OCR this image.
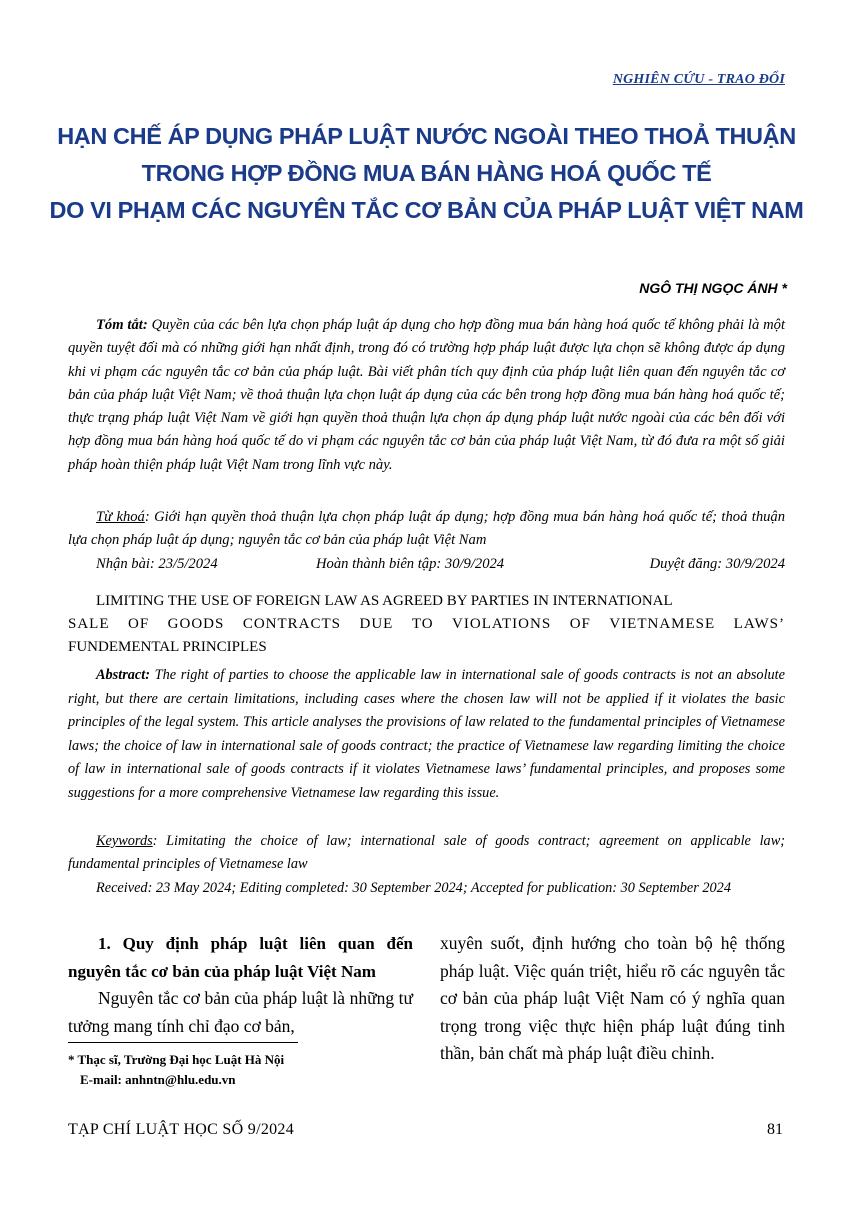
NGHIÊN CỨU - TRAO ĐỔI
HẠN CHẾ ÁP DỤNG PHÁP LUẬT NƯỚC NGOÀI THEO THOẢ THUẬN
TRONG HỢP ĐỒNG MUA BÁN HÀNG HOÁ QUỐC TẾ
DO VI PHẠM CÁC NGUYÊN TẮC CƠ BẢN CỦA PHÁP LUẬT VIỆT NAM
NGÔ THỊ NGỌC ÁNH *
Tóm tắt: Quyền của các bên lựa chọn pháp luật áp dụng cho hợp đồng mua bán hàng hoá quốc tế không phải là một quyền tuyệt đối mà có những giới hạn nhất định, trong đó có trường hợp pháp luật được lựa chọn sẽ không được áp dụng khi vi phạm các nguyên tắc cơ bản của pháp luật. Bài viết phân tích quy định của pháp luật liên quan đến nguyên tắc cơ bản của pháp luật Việt Nam; về thoả thuận lựa chọn luật áp dụng của các bên trong hợp đồng mua bán hàng hoá quốc tế; thực trạng pháp luật Việt Nam về giới hạn quyền thoả thuận lựa chọn áp dụng pháp luật nước ngoài của các bên đối với hợp đồng mua bán hàng hoá quốc tế do vi phạm các nguyên tắc cơ bản của pháp luật Việt Nam, từ đó đưa ra một số giải pháp hoàn thiện pháp luật Việt Nam trong lĩnh vực này.
Từ khoá: Giới hạn quyền thoả thuận lựa chọn pháp luật áp dụng; hợp đồng mua bán hàng hoá quốc tế; thoả thuận lựa chọn pháp luật áp dụng; nguyên tắc cơ bản của pháp luật Việt Nam
Nhận bài: 23/5/2024	Hoàn thành biên tập: 30/9/2024	Duyệt đăng: 30/9/2024
LIMITING THE USE OF FOREIGN LAW AS AGREED BY PARTIES IN INTERNATIONAL
SALE OF GOODS CONTRACTS DUE TO VIOLATIONS OF VIETNAMESE LAWS’
FUNDEMENTAL PRINCIPLES
Abstract: The right of parties to choose the applicable law in international sale of goods contracts is not an absolute right, but there are certain limitations, including cases where the chosen law will not be applied if it violates the basic principles of the legal system. This article analyses the provisions of law related to the fundamental principles of Vietnamese laws; the choice of law in international sale of goods contract; the practice of Vietnamese law regarding limiting the choice of law in international sale of goods contracts if it violates Vietnamese laws’ fundamental principles, and proposes some suggestions for a more comprehensive Vietnamese law regarding this issue.
Keywords: Limitating the choice of law; international sale of goods contract; agreement on applicable law; fundamental principles of Vietnamese law
Received: 23 May 2024; Editing completed: 30 September 2024; Accepted for publication: 30 September 2024
1. Quy định pháp luật liên quan đến nguyên tắc cơ bản của pháp luật Việt Nam

Nguyên tắc cơ bản của pháp luật là những tư tưởng mang tính chỉ đạo cơ bản,

xuyên suốt, định hướng cho toàn bộ hệ thống pháp luật. Việc quán triệt, hiểu rõ các nguyên tắc cơ bản của pháp luật Việt Nam có ý nghĩa quan trọng trong việc thực hiện pháp luật đúng tinh thần, bản chất mà pháp luật điều chỉnh.

* Thạc sĩ, Trường Đại học Luật Hà Nội
E-mail: anhntn@hlu.edu.vn
TẠP CHÍ LUẬT HỌC SỐ 9/2024	81
